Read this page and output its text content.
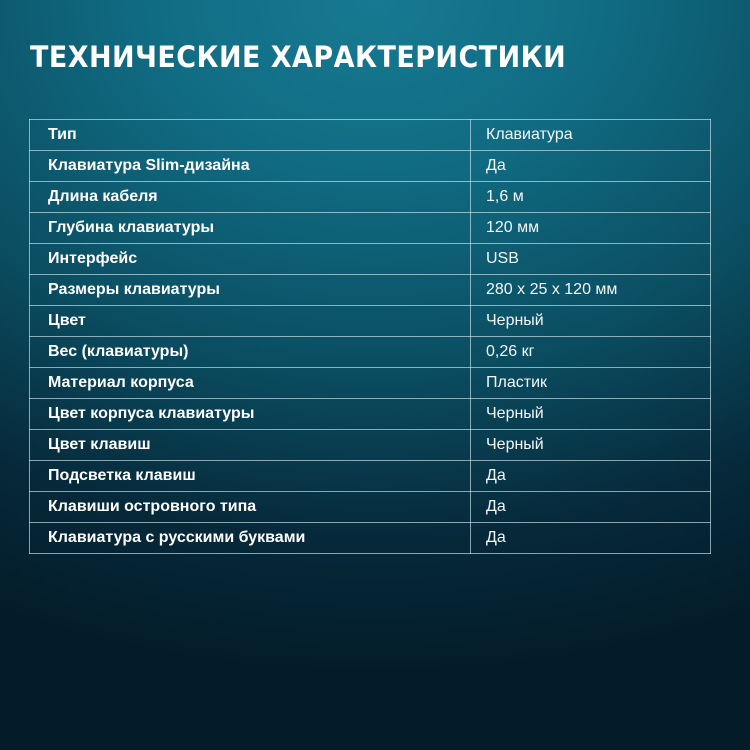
ТЕХНИЧЕСКИЕ ХАРАКТЕРИСТИКИ
Тип	Клавиатура
Клавиатура Slim-дизайна	Да
Длина кабеля	1,6 м
Глубина клавиатуры	120 мм
Интерфейс	USB
Размеры клавиатуры	280 x 25 x 120 мм
Цвет	Черный
Вес (клавиатуры)	0,26 кг
Материал корпуса	Пластик
Цвет корпуса клавиатуры	Черный
Цвет клавиш	Черный
Подсветка клавиш	Да
Клавиши островного типа	Да
Клавиатура с русскими буквами	Да
